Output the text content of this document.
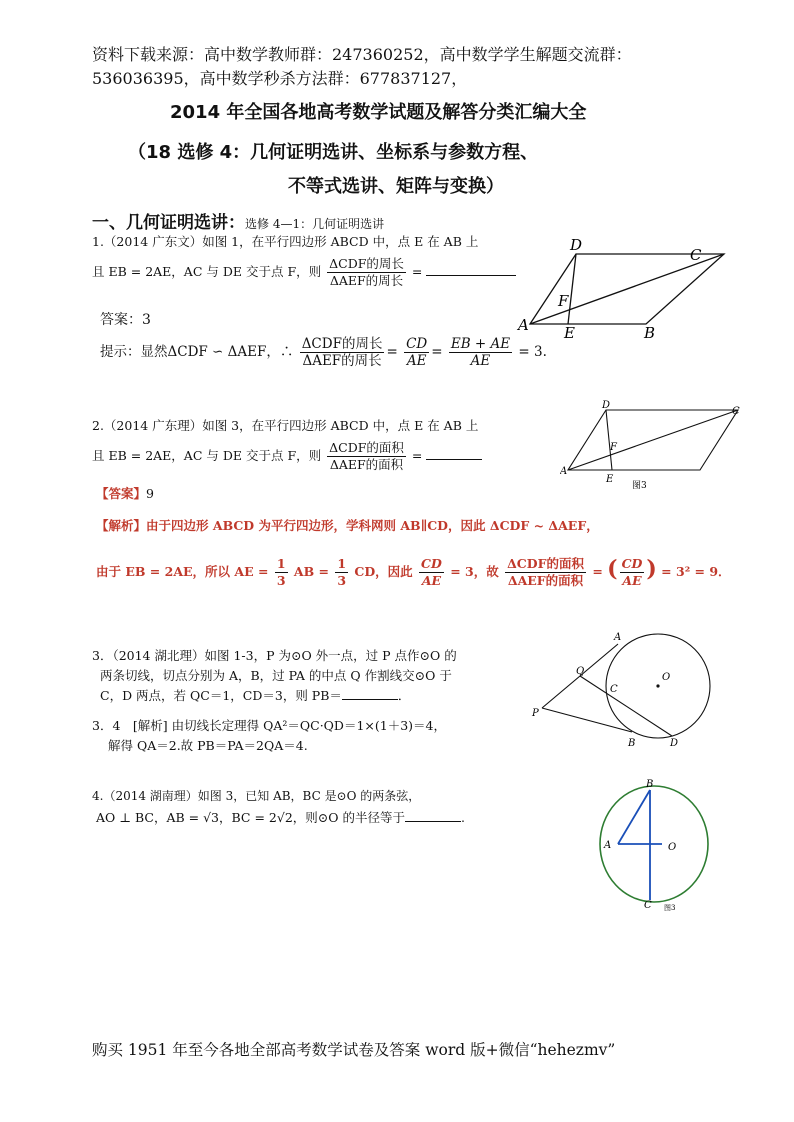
资料下载来源：高中数学教师群：247360252，高中数学学生解题交流群：
536036395，高中数学秒杀方法群：677837127，
2014 年全国各地高考数学试题及解答分类汇编大全
（18 选修 4：几何证明选讲、坐标系与参数方程、
不等式选讲、矩阵与变换）
一、几何证明选讲：选修 4—1：几何证明选讲
1.（2014 广东文）如图 1，在平行四边形 ABCD 中，点 E 在 AB 上
且 EB = 2AE，AC 与 DE 交于点 F，则 $\frac{\text{ΔCDF的周长}}{\text{ΔAEF的周长}}$ =
答案：3
提示：显然ΔCDF ∽ ΔAEF，∴ $\frac{\text{ΔCDF的周长}}{\text{ΔAEF的周长}} = \frac{CD}{AE} = \frac{EB + AE}{AE} = 3$.
A	B
C
D
E
F
2.（2014 广东理）如图 3，在平行四边形 ABCD 中，点 E 在 AB 上
且 EB = 2AE，AC 与 DE 交于点 F，则 $\frac{\text{ΔCDF的面积}}{\text{ΔAEF的面积}}$ =
【答案】9
【解析】由于四边形 ABCD 为平行四边形，学科网则 AB∥CD，因此 ΔCDF ~ ΔAEF，
由于 EB = 2AE，所以 AE = $\frac{1}{3}$ AB = $\frac{1}{3}$ CD，因此 $\frac{CD}{AE} = 3$，故 $\frac{\text{ΔCDF的面积}}{\text{ΔAEF的面积}}$ = ( $\frac{CD}{AE}$ ) = 3² = 9．
A
C
D
E
F
图3
3．（2014 湖北理）如图 1-3，P 为⊙O 外一点，过 P 点作⊙O 的
两条切线，切点分别为 A，B，过 PA 的中点 Q 作割线交⊙O 于
C，D 两点，若 QC＝1，CD＝3，则 PB＝	．
3．4　[解析] 由切线长定理得 QA²＝QC·QD＝1×(1＋3)＝4，
解得 QA＝2.故 PB＝PA＝2QA＝4.
A
B
C
D
O
P
Q
4.（2014 湖南理）如图 3，已知 AB，BC 是⊙O 的两条弦，
AO ⊥ BC，AB = √3，BC = 2√2，则⊙O 的半径等于	.
B
A	O
C 图3
购买 1951 年至今各地全部高考数学试卷及答案 word 版+微信“hehezmv”
